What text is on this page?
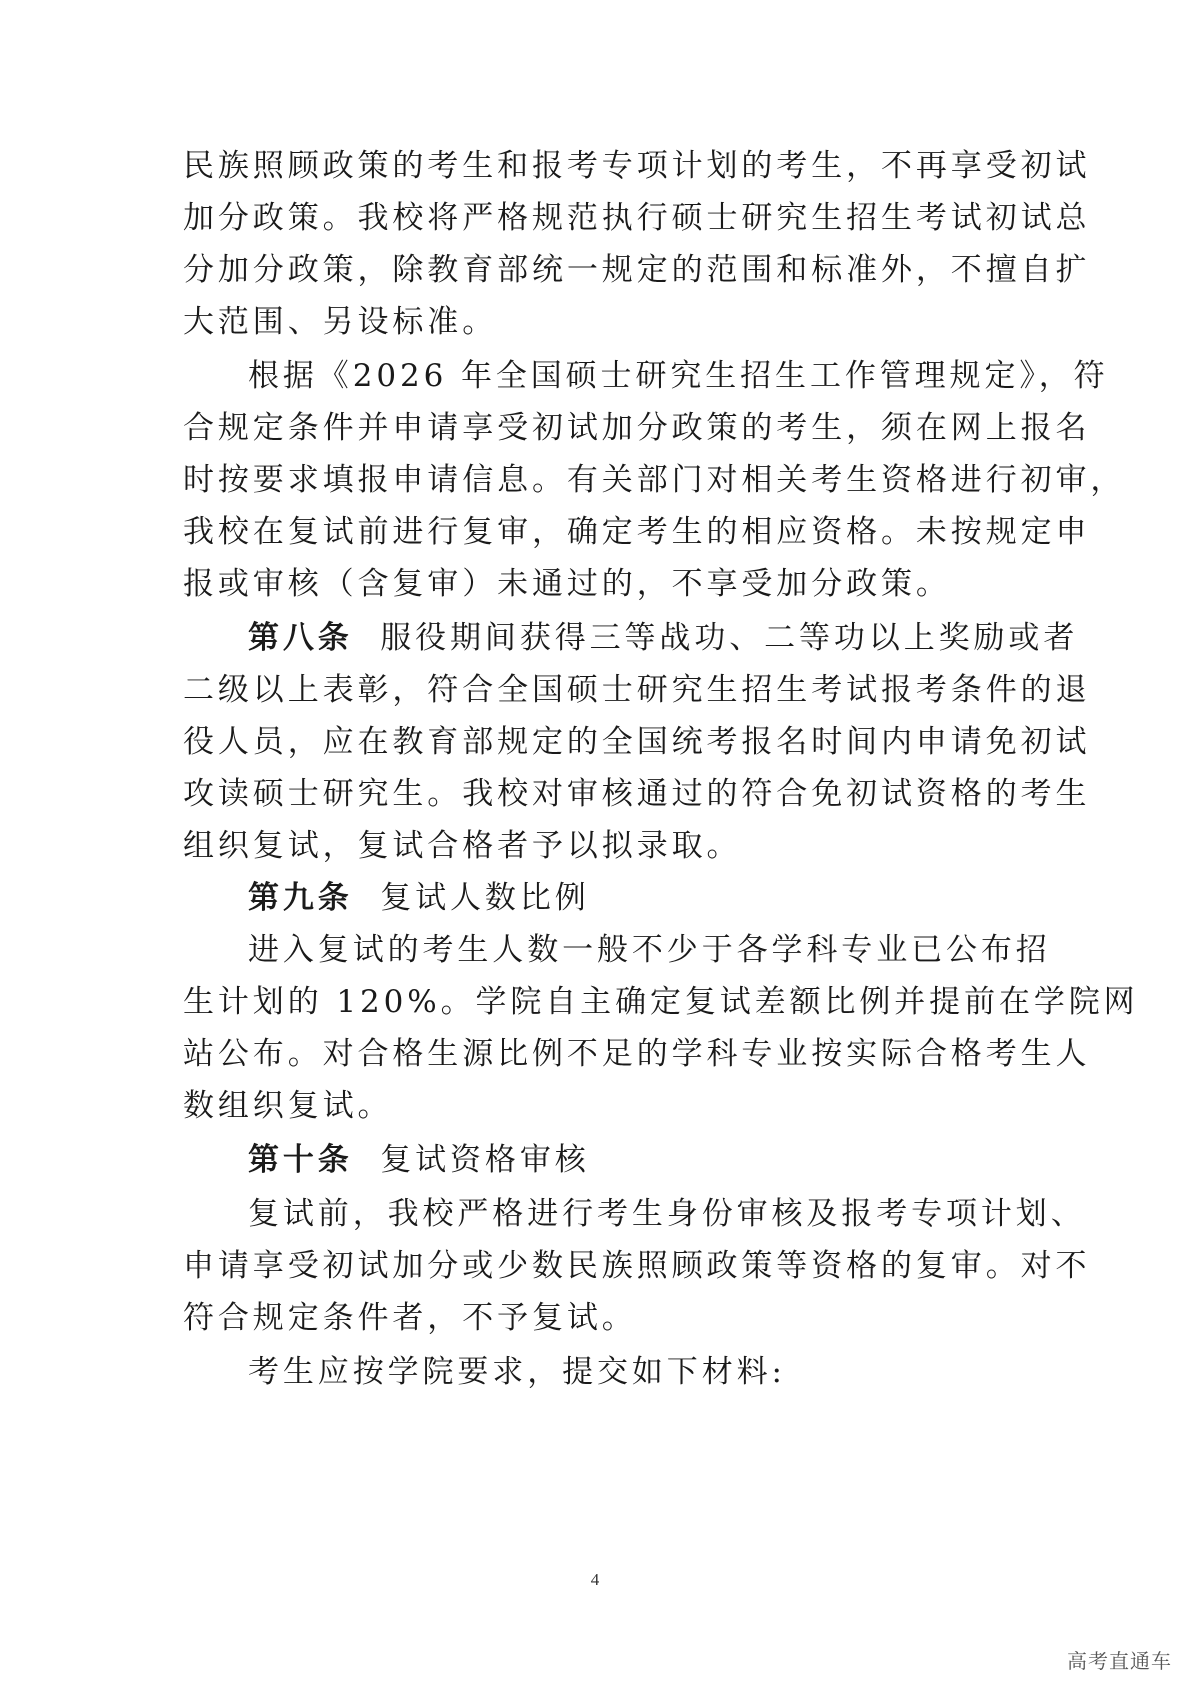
民族照顾政策的考生和报考专项计划的考生，不再享受初试
加分政策。我校将严格规范执行硕士研究生招生考试初试总
分加分政策，除教育部统一规定的范围和标准外，不擅自扩
大范围、另设标准。
根据《2026 年全国硕士研究生招生工作管理规定》，符
合规定条件并申请享受初试加分政策的考生，须在网上报名
时按要求填报申请信息。有关部门对相关考生资格进行初审，
我校在复试前进行复审，确定考生的相应资格。未按规定申
报或审核（含复审）未通过的，不享受加分政策。
第八条 服役期间获得三等战功、二等功以上奖励或者
二级以上表彰，符合全国硕士研究生招生考试报考条件的退
役人员，应在教育部规定的全国统考报名时间内申请免初试
攻读硕士研究生。我校对审核通过的符合免初试资格的考生
组织复试，复试合格者予以拟录取。
第九条 复试人数比例
进入复试的考生人数一般不少于各学科专业已公布招
生计划的 120%。学院自主确定复试差额比例并提前在学院网
站公布。对合格生源比例不足的学科专业按实际合格考生人
数组织复试。
第十条 复试资格审核
复试前，我校严格进行考生身份审核及报考专项计划、
申请享受初试加分或少数民族照顾政策等资格的复审。对不
符合规定条件者，不予复试。
考生应按学院要求，提交如下材料:
4
高考直通车
